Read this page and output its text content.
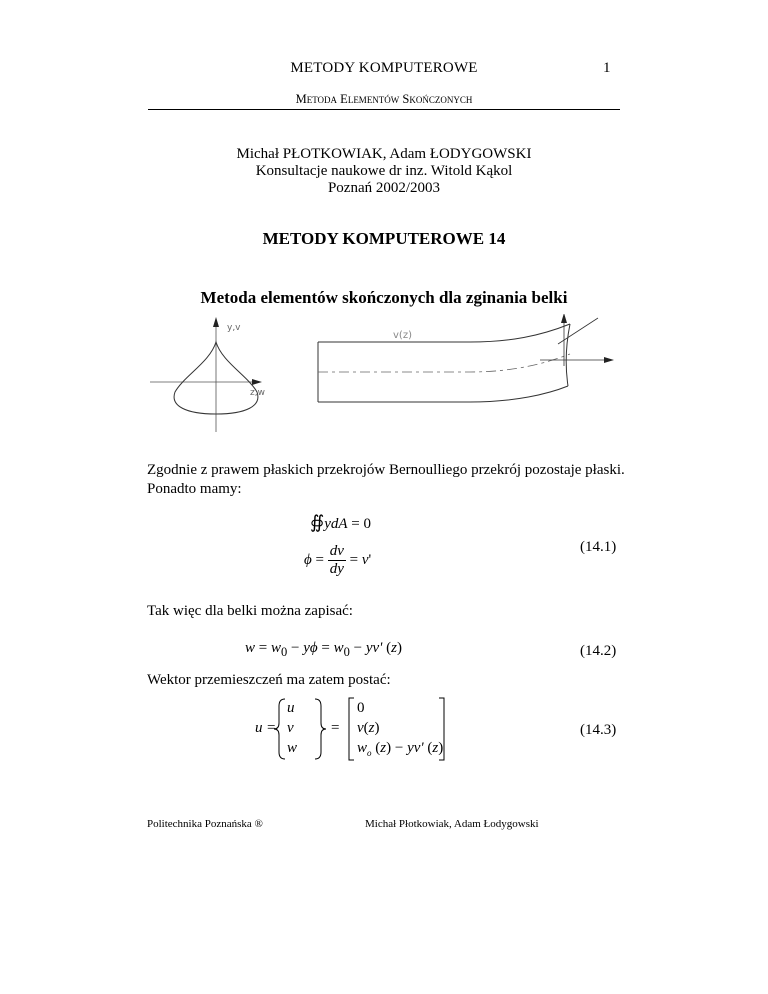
METODY KOMPUTEROWE
Metoda Elementów Skończonych
1
Michał PŁOTKOWIAK, Adam ŁODYGOWSKI
Konsultacje naukowe dr inz. Witold Kąkol
Poznań 2002/2003
METODY KOMPUTEROWE 14
Metoda elementów skończonych dla zginania belki
y,v
z,w
v(z)
Zgodnie z prawem płaskich przekrojów Bernoulliego przekrój pozostaje płaski.
Ponadto mamy:
∯ydA = 0
$\phi = \frac{dv}{dy} = v'$
(14.1)
Tak więc dla belki można zapisać:
$w = w_0 - y\phi = w_0 - yv'$ (z)	(14.2)
Wektor przemieszczeń ma zatem postać:
u =
u
v
w
=
0
v(z)
$w_o$ (z) − yv' (z)
(14.3)
Politechnika Poznańska ®	Michał Płotkowiak, Adam Łodygowski
